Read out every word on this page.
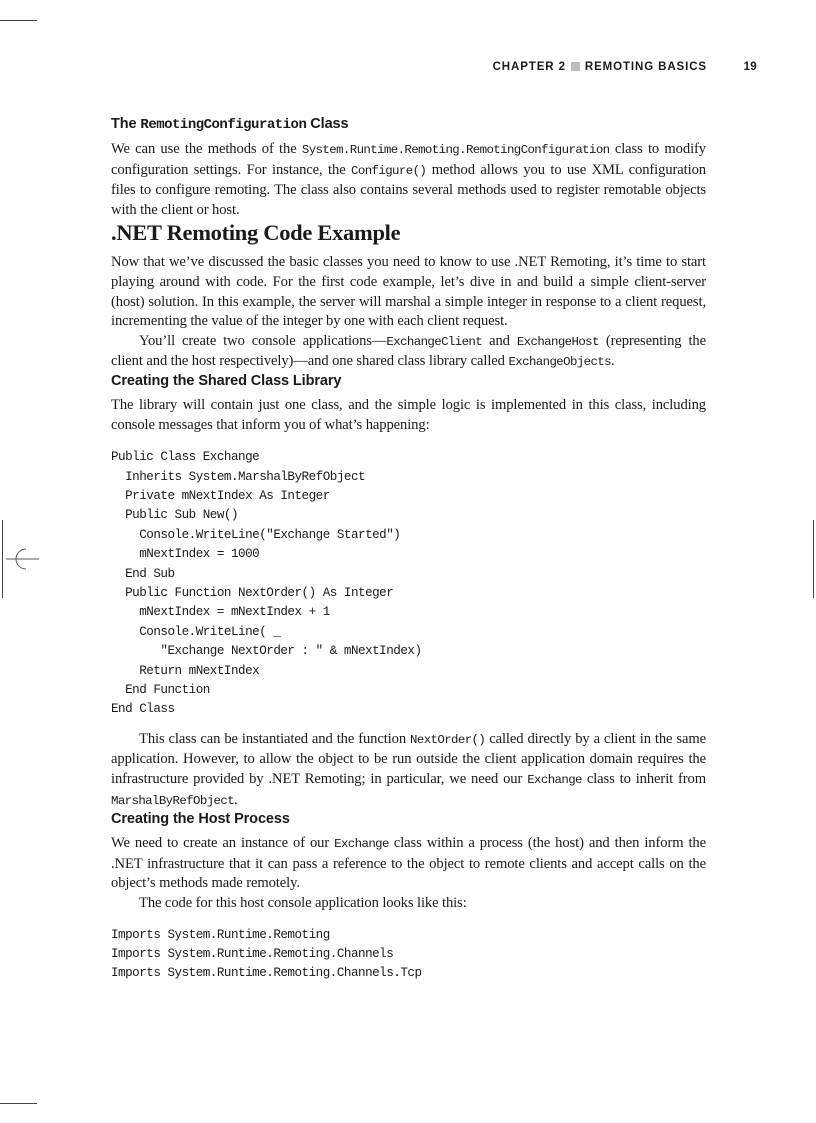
CHAPTER 2 REMOTING BASICS	19
The RemotingConfiguration Class

We can use the methods of the System.Runtime.Remoting.RemotingConfiguration class to modify configuration settings. For instance, the Configure() method allows you to use XML configuration files to configure remoting. The class also contains several methods used to register remotable objects with the client or host.

.NET Remoting Code Example

Now that we’ve discussed the basic classes you need to know to use .NET Remoting, it’s time to start playing around with code. For the first code example, let’s dive in and build a simple client-server (host) solution. In this example, the server will marshal a simple integer in response to a client request, incrementing the value of the integer by one with each client request.

You’ll create two console applications—ExchangeClient and ExchangeHost (representing the client and the host respectively)—and one shared class library called ExchangeObjects.

Creating the Shared Class Library

The library will contain just one class, and the simple logic is implemented in this class, including console messages that inform you of what’s happening:

Public Class Exchange
Inherits System.MarshalByRefObject
Private mNextIndex As Integer
Public Sub New()
Console.WriteLine("Exchange Started")
mNextIndex = 1000
End Sub
Public Function NextOrder() As Integer
mNextIndex = mNextIndex + 1
Console.WriteLine( _
"Exchange NextOrder : " & mNextIndex)
Return mNextIndex
End Function
End Class

This class can be instantiated and the function NextOrder() called directly by a client in the same application. However, to allow the object to be run outside the client application domain requires the infrastructure provided by .NET Remoting; in particular, we need our Exchange class to inherit from MarshalByRefObject.

Creating the Host Process

We need to create an instance of our Exchange class within a process (the host) and then inform the .NET infrastructure that it can pass a reference to the object to remote clients and accept calls on the object’s methods made remotely.

The code for this host console application looks like this:

Imports System.Runtime.Remoting
Imports System.Runtime.Remoting.Channels
Imports System.Runtime.Remoting.Channels.Tcp
